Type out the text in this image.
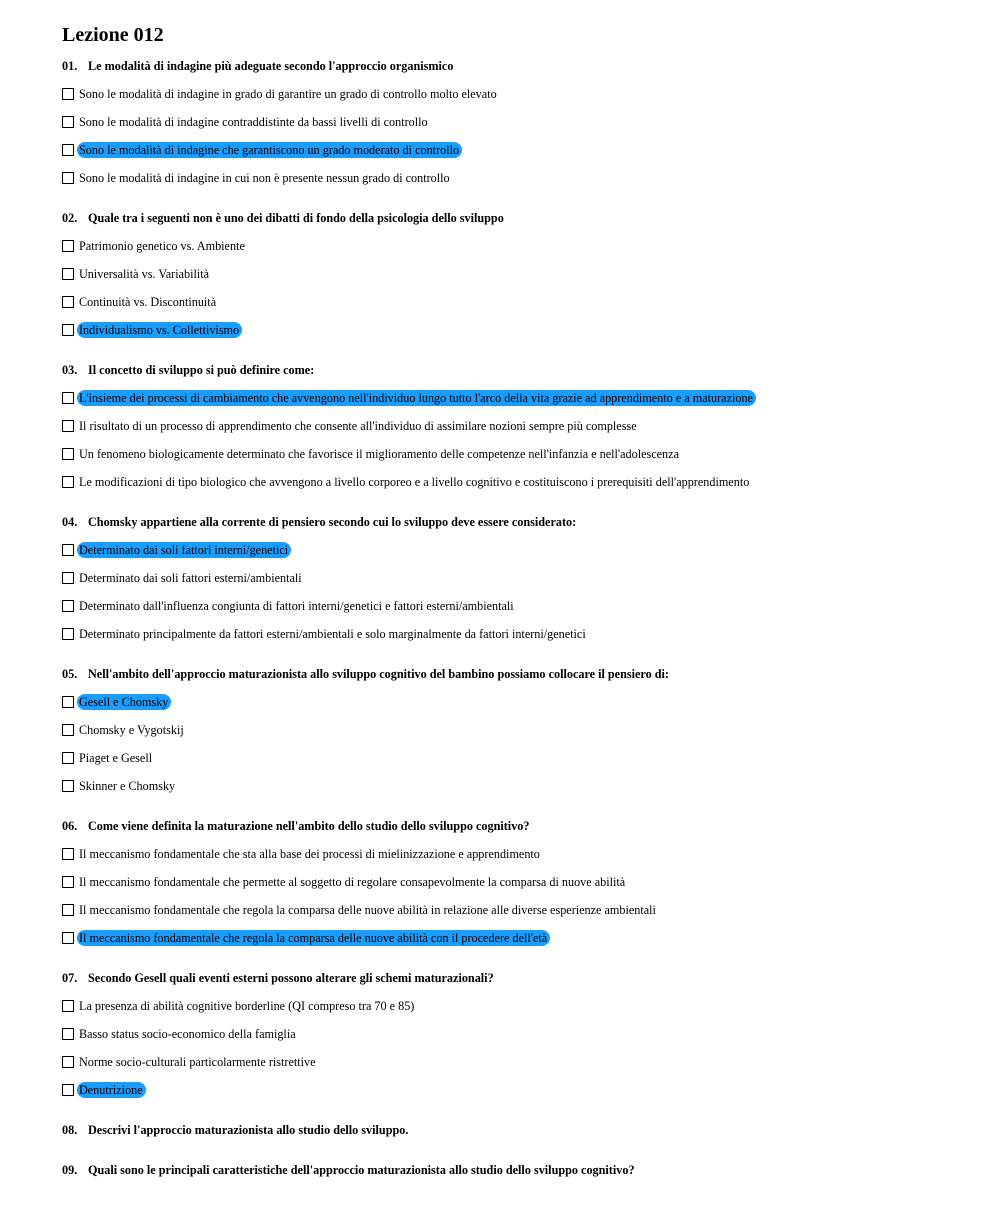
Lezione 012
01. Le modalità di indagine più adeguate secondo l'approccio organismico
Sono le modalità di indagine in grado di garantire un grado di controllo molto elevato
Sono le modalità di indagine contraddistinte da bassi livelli di controllo
Sono le modalità di indagine che garantiscono un grado moderato di controllo
Sono le modalità di indagine in cui non è presente nessun grado di controllo
02. Quale tra i seguenti non è uno dei dibatti di fondo della psicologia dello sviluppo
Patrimonio genetico vs. Ambiente
Universalità vs. Variabilità
Continuità vs. Discontinuità
Individualismo vs. Collettivismo
03. Il concetto di sviluppo si può definire come:
L'insieme dei processi di cambiamento che avvengono nell'individuo lungo tutto l'arco della vita grazie ad apprendimento e a maturazione
Il risultato di un processo di apprendimento che consente all'individuo di assimilare nozioni sempre più complesse
Un fenomeno biologicamente determinato che favorisce il miglioramento delle competenze nell'infanzia e nell'adolescenza
Le modificazioni di tipo biologico che avvengono a livello corporeo e a livello cognitivo e costituiscono i prerequisiti dell'apprendimento
04. Chomsky appartiene alla corrente di pensiero secondo cui lo sviluppo deve essere considerato:
Determinato dai soli fattori interni/genetici
Determinato dai soli fattori esterni/ambientali
Determinato dall'influenza congiunta di fattori interni/genetici e fattori esterni/ambientali
Determinato principalmente da fattori esterni/ambientali e solo marginalmente da fattori interni/genetici
05. Nell'ambito dell'approccio maturazionista allo sviluppo cognitivo del bambino possiamo collocare il pensiero di:
Gesell e Chomsky
Chomsky e Vygotskij
Piaget e Gesell
Skinner e Chomsky
06. Come viene definita la maturazione nell'ambito dello studio dello sviluppo cognitivo?
Il meccanismo fondamentale che sta alla base dei processi di mielinizzazione e apprendimento
Il meccanismo fondamentale che permette al soggetto di regolare consapevolmente la comparsa di nuove abilità
Il meccanismo fondamentale che regola la comparsa delle nuove abilità in relazione alle diverse esperienze ambientali
Il meccanismo fondamentale che regola la comparsa delle nuove abilità con il procedere dell'età
07. Secondo Gesell quali eventi esterni possono alterare gli schemi maturazionali?
La presenza di abilità cognitive borderline (QI compreso tra 70 e 85)
Basso status socio-economico della famiglia
Norme socio-culturali particolarmente ristrettive
Denutrizione
08. Descrivi l'approccio maturazionista allo studio dello sviluppo.
09. Quali sono le principali caratteristiche dell'approccio maturazionista allo studio dello sviluppo cognitivo?
